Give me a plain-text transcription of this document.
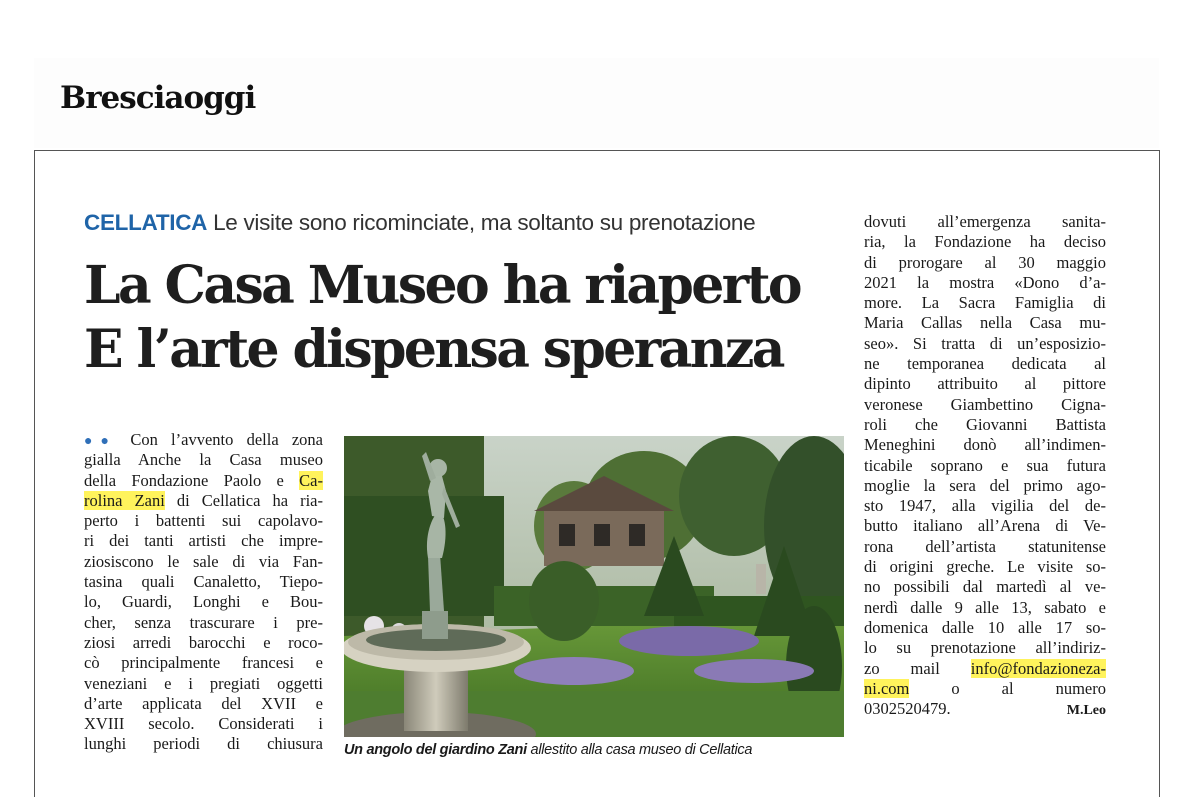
Bresciaoggi
CELLATICA Le visite sono ricominciate, ma soltanto su prenotazione
La Casa Museo ha riaperto
E l’arte dispensa speranza
●● Con l’avvento della zona
gialla Anche la Casa museo
della Fondazione Paolo e Ca-
rolina Zani di Cellatica ha ria-
perto i battenti sui capolavo-
ri dei tanti artisti che impre-
ziosiscono le sale di via Fan-
tasina quali Canaletto, Tiepo-
lo, Guardi, Longhi e Bou-
cher, senza trascurare i pre-
ziosi arredi barocchi e roco-
cò principalmente francesi e
veneziani e i pregiati oggetti
d’arte applicata del XVII e
XVIII secolo. Considerati i
lunghi periodi di chiusura Un angolo del giardino Zani allestito alla casa museo di Cellatica
dovuti all’emergenza sanita-
ria, la Fondazione ha deciso
di prorogare al 30 maggio
2021 la mostra «Dono d’a-
more. La Sacra Famiglia di
Maria Callas nella Casa mu-
seo». Si tratta di un’esposizio-
ne temporanea dedicata al
dipinto attribuito al pittore
veronese Giambettino Cigna-
roli che Giovanni Battista
Meneghini donò all’indimen-
ticabile soprano e sua futura
moglie la sera del primo ago-
sto 1947, alla vigilia del de-
butto italiano all’Arena di Ve-
rona dell’artista statunitense
di origini greche. Le visite so-
no possibili dal martedì al ve-
nerdì dalle 9 alle 13, sabato e
domenica dalle 10 alle 17 so-
lo su prenotazione all’indiriz-
zo mail info@fondazioneza-
ni.com	o	al	numero
0302520479.	M.Leo
